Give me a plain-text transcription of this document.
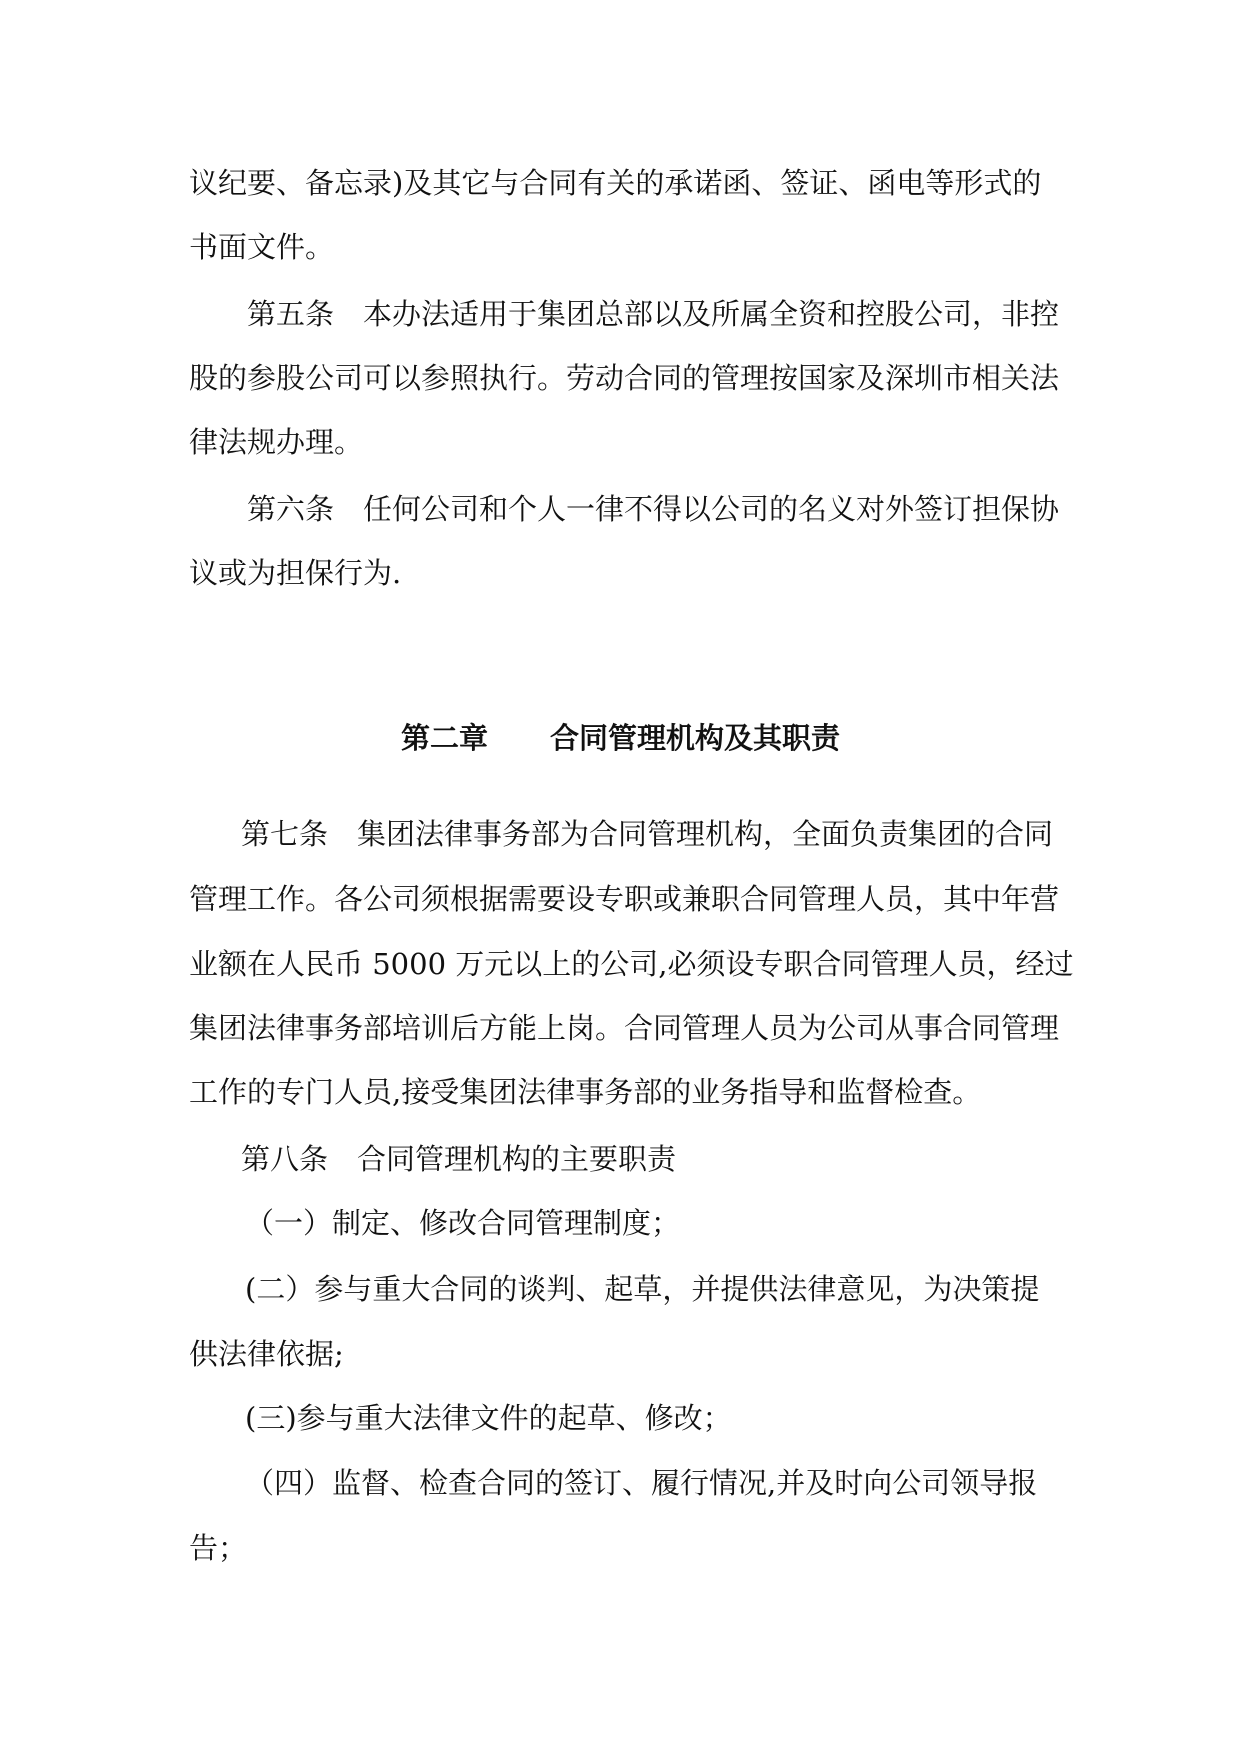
议纪要、备忘录)及其它与合同有关的承诺函、签证、函电等形式的

书面文件。

第五条　本办法适用于集团总部以及所属全资和控股公司，非控

股的参股公司可以参照执行。劳动合同的管理按国家及深圳市相关法

律法规办理。

第六条　任何公司和个人一律不得以公司的名义对外签订担保协

议或为担保行为.

第二章 合同管理机构及其职责

第七条　集团法律事务部为合同管理机构，全面负责集团的合同

管理工作。各公司须根据需要设专职或兼职合同管理人员，其中年营

业额在人民币 5000 万元以上的公司,必须设专职合同管理人员，经过

集团法律事务部培训后方能上岗。合同管理人员为公司从事合同管理

工作的专门人员,接受集团法律事务部的业务指导和监督检查。

第八条　合同管理机构的主要职责

（一）制定、修改合同管理制度；

(二）参与重大合同的谈判、起草，并提供法律意见，为决策提

供法律依据;

(三)参与重大法律文件的起草、修改；

（四）监督、检查合同的签订、履行情况,并及时向公司领导报

告；
